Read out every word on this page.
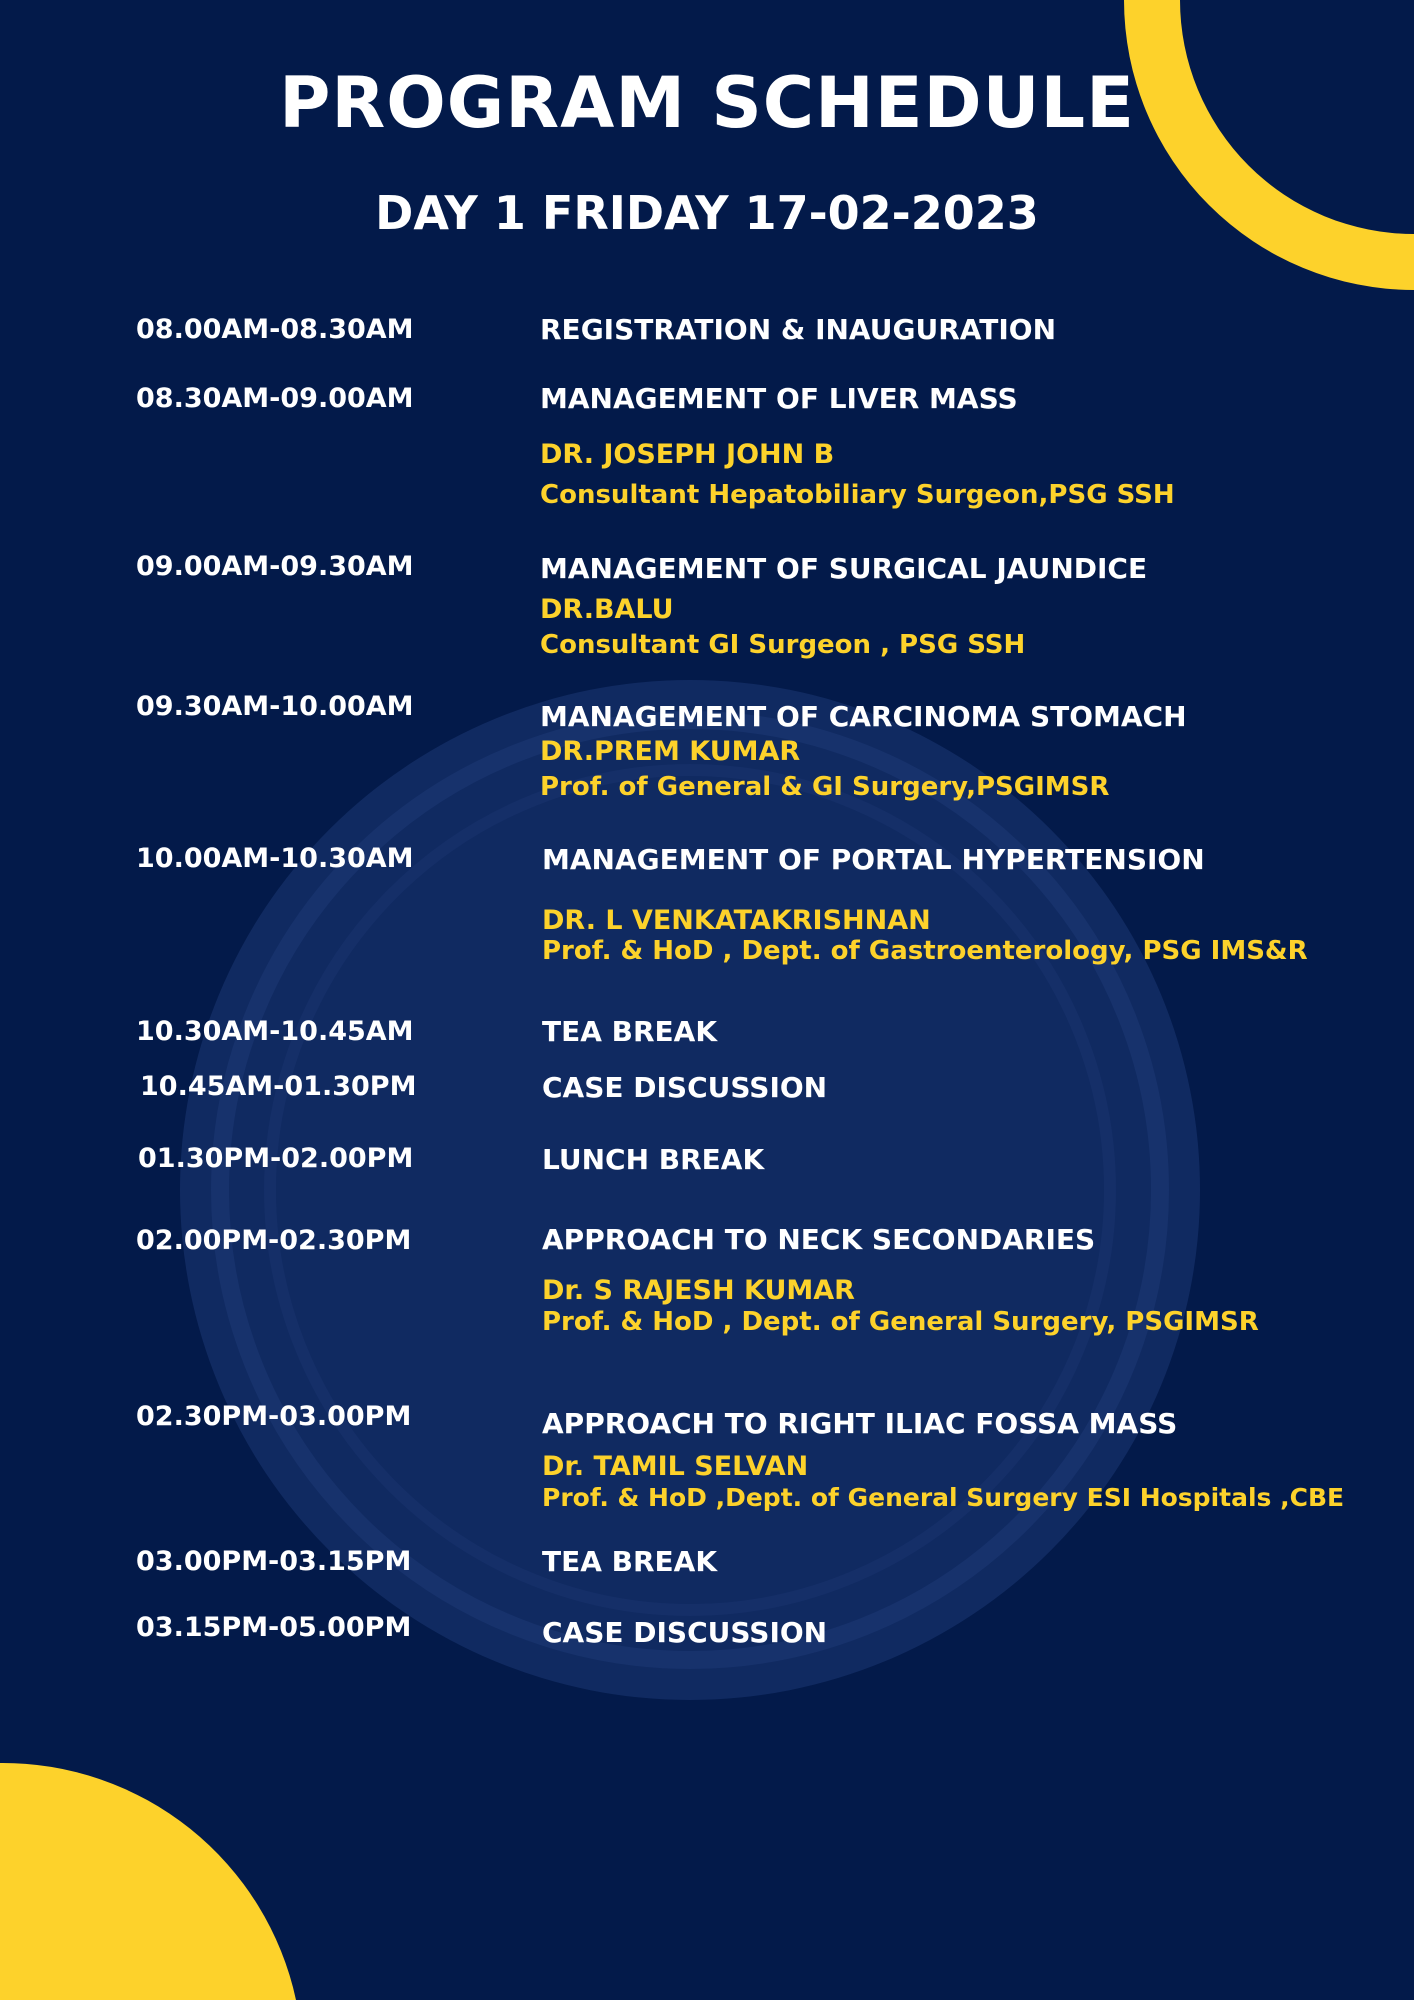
PROGRAM SCHEDULE
DAY 1 FRIDAY 17-02-2023
08.00AM-08.30AM	REGISTRATION & INAUGURATION
08.30AM-09.00AM	MANAGEMENT OF LIVER MASS
DR. JOSEPH JOHN B
Consultant Hepatobiliary Surgeon,PSG SSH
09.00AM-09.30AM	MANAGEMENT OF SURGICAL JAUNDICE
DR.BALU
Consultant GI Surgeon , PSG SSH
09.30AM-10.00AM	MANAGEMENT OF CARCINOMA STOMACH
DR.PREM KUMAR
Prof. of General & GI Surgery,PSGIMSR
10.00AM-10.30AM	MANAGEMENT OF PORTAL HYPERTENSION
DR. L VENKATAKRISHNAN
Prof. & HoD , Dept. of Gastroenterology, PSG IMS&R
10.30AM-10.45AM	TEA BREAK
10.45AM-01.30PM	CASE DISCUSSION
01.30PM-02.00PM	LUNCH BREAK
02.00PM-02.30PM	APPROACH TO NECK SECONDARIES
Dr. S RAJESH KUMAR
Prof. & HoD , Dept. of General Surgery, PSGIMSR
02.30PM-03.00PM	APPROACH TO RIGHT ILIAC FOSSA MASS
Dr. TAMIL SELVAN
Prof. & HoD ,Dept. of General Surgery ESI Hospitals ,CBE
03.00PM-03.15PM	TEA BREAK
03.15PM-05.00PM	CASE DISCUSSION
